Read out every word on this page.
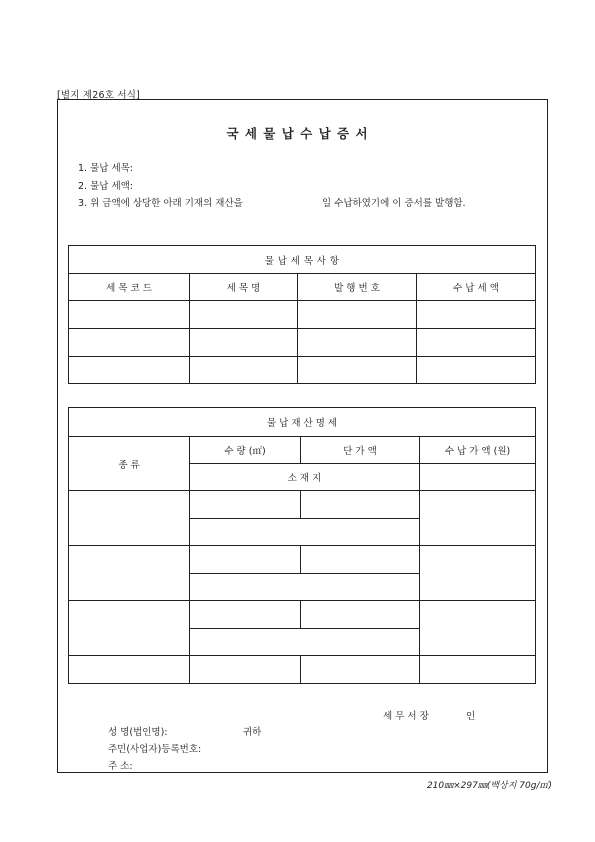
[별지 제26호 서식]
국 세 물 납 수 납 증 서
1. 물납 세목:
2. 물납 세액:
3. 위 금액에 상당한 아래 기재의 재산을	일 수납하였기에 이 증서를 발행함.
물 납 세 목 사 항			
세 목 코 드	세 목 명	발 행 번 호	수 납 세 액

물 납 재 산 명 세			
종 류	수 량 (㎡)	단 가 액	수 납 가 액 (원)
	소 재 지		

세 무 서 장	인
성 명(법인명):	귀하
주민(사업자)등록번호:
주 소:
210㎜×297㎜(백상지 70g/㎡)
